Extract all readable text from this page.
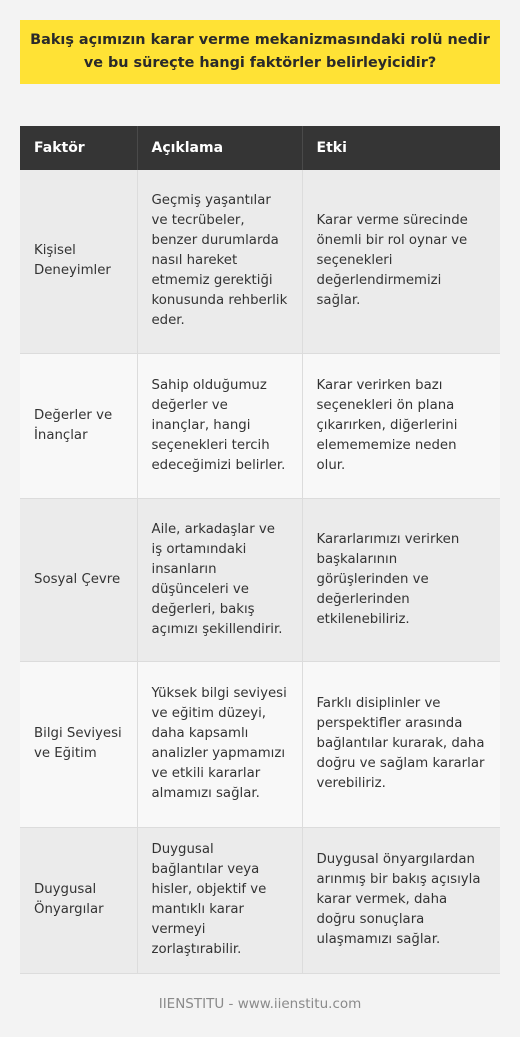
Bakış açımızın karar verme mekanizmasındaki rolü nedir ve bu süreçte hangi faktörler belirleyicidir?
Faktör	Açıklama	Etki
Kişisel Deneyimler	Geçmiş yaşantılar ve tecrübeler, benzer durumlarda nasıl hareket etmemiz gerektiği konusunda rehberlik eder.	Karar verme sürecinde önemli bir rol oynar ve seçenekleri değerlendirmemizi sağlar.
Değerler ve İnançlar	Sahip olduğumuz değerler ve inançlar, hangi seçenekleri tercih edeceğimizi belirler.	Karar verirken bazı seçenekleri ön plana çıkarırken, diğerlerini elemememize neden olur.
Sosyal Çevre	Aile, arkadaşlar ve iş ortamındaki insanların düşünceleri ve değerleri, bakış açımızı şekillendirir.	Kararlarımızı verirken başkalarının görüşlerinden ve değerlerinden etkilenebiliriz.
Bilgi Seviyesi ve Eğitim	Yüksek bilgi seviyesi ve eğitim düzeyi, daha kapsamlı analizler yapmamızı ve etkili kararlar almamızı sağlar.	Farklı disiplinler ve perspektifler arasında bağlantılar kurarak, daha doğru ve sağlam kararlar verebiliriz.
Duygusal Önyargılar	Duygusal bağlantılar veya hisler, objektif ve mantıklı karar vermeyi zorlaştırabilir.	Duygusal önyargılardan arınmış bir bakış açısıyla karar vermek, daha doğru sonuçlara ulaşmamızı sağlar.
IIENSTITU - www.iienstitu.com
